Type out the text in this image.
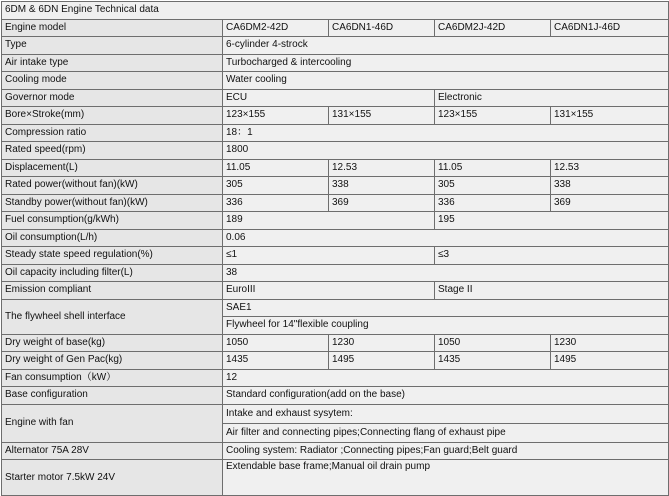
6DM & 6DN Engine Technical data				
Engine model	CA6DM2-42D	CA6DN1-46D	CA6DM2J-42D	CA6DN1J-46D
Type	6-cylinder 4-strock			
Air intake type	Turbocharged & intercooling			
Cooling mode	Water cooling			
Governor mode	ECU		Electronic	
Bore×Stroke(mm)	123×155	131×155	123×155	131×155
Compression ratio	18：1			
Rated speed(rpm)	1800			
Displacement(L)	11.05	12.53	11.05	12.53
Rated power(without fan)(kW)	305	338	305	338
Standby power(without fan)(kW)	336	369	336	369
Fuel consumption(g/kWh)	189		195	
Oil consumption(L/h)	0.06			
Steady state speed regulation(%)	≤1		≤3	
Oil capacity including filter(L)	38			
Emission compliant	EuroIII		Stage II	
The flywheel shell interface	SAE1
Flywheel for 14"flexible coupling			

Dry weight of base(kg)	1050	1230	1050	1230
Dry weight of Gen Pac(kg)	1435	1495	1435	1495
Fan consumption（kW）	12			
Base configuration	Standard configuration(add on the base)			
Engine with fan	Intake and exhaust sysytem:
Air filter and connecting pipes;Connecting flang of exhaust pipe			

Alternator 75A 28V	Cooling system: Radiator ;Connecting pipes;Fan guard;Belt guard			
Starter motor 7.5kW 24V	Extendable base frame;Manual oil drain pump			
